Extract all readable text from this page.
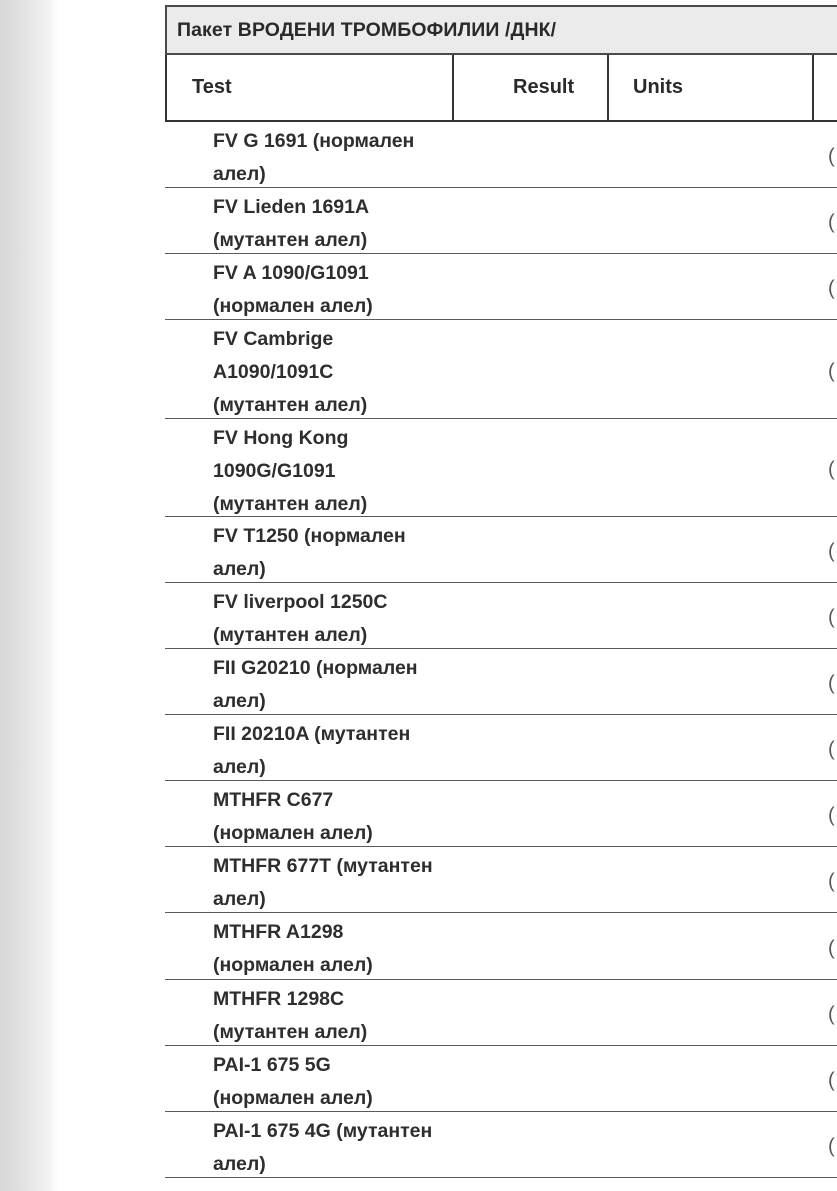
Пакет ВРОДЕНИ ТРОМБОФИЛИИ /ДНК/
Test	Result	Units
FV G 1691 (нормален
алел)
(
FV Lieden 1691A
(мутантен алел)
(
FV A 1090/G1091
(нормален алел)
(
FV Cambrige
A1090/1091C
(мутантен алел)
(
FV Hong Kong
1090G/G1091
(мутантен алел)
(
FV T1250 (нормален
алел)
(
FV liverpool 1250C
(мутантен алел)
(
FII G20210 (нормален
алел)
(
FII 20210A (мутантен
алел)
(
MTHFR C677
(нормален алел)
(
MTHFR 677T (мутантен
алел)
(
MTHFR A1298
(нормален алел)
(
MTHFR 1298C
(мутантен алел)
(
PAI-1 675 5G
(нормален алел)
(
PAI-1 675 4G (мутантен
алел)
(
